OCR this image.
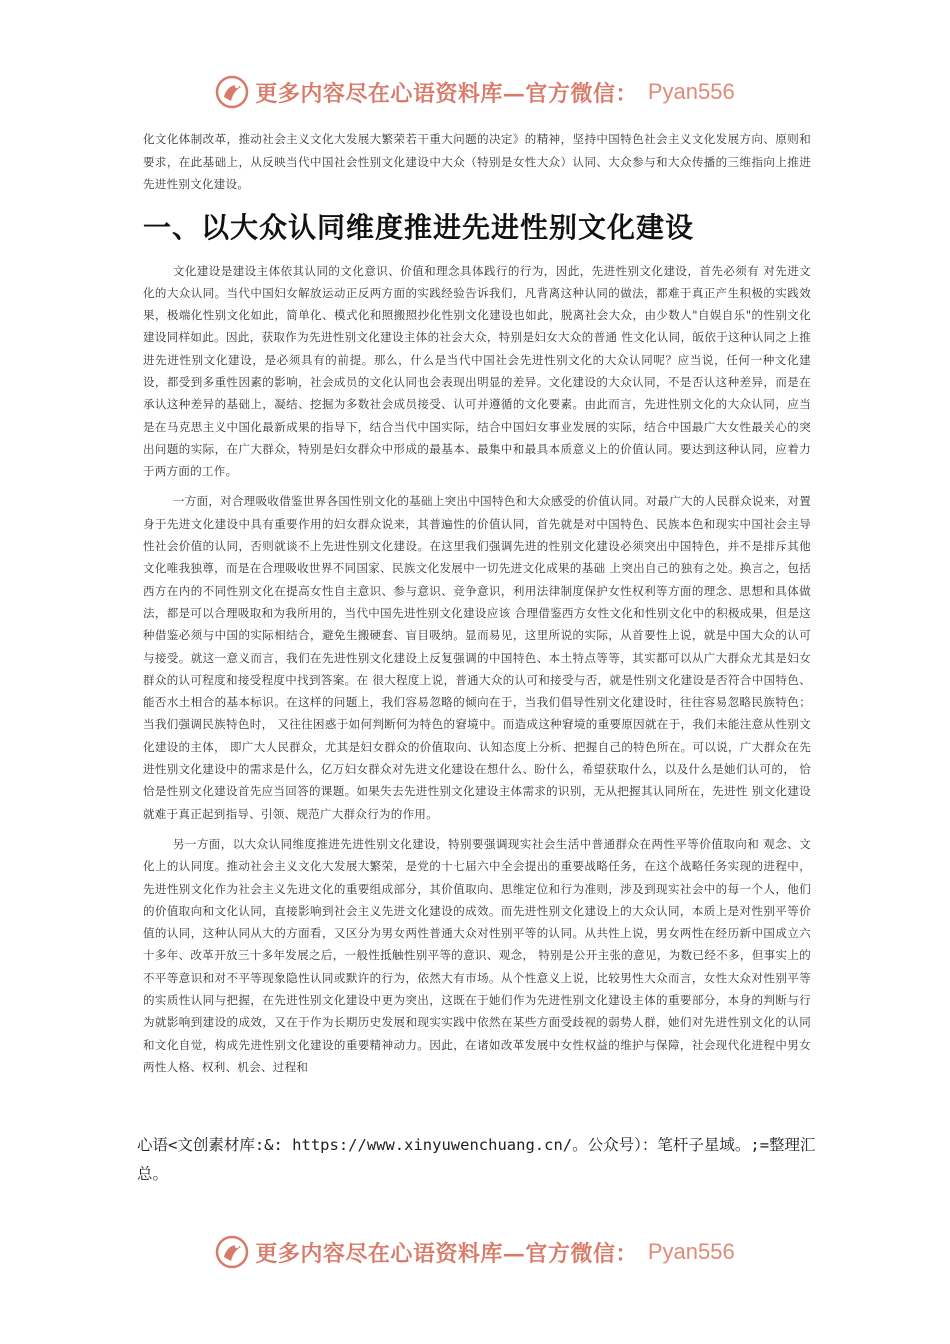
更多内容尽在心语资料库—官方微信： Pyan556

化文化体制改革，推动社会主义文化大发展大繁荣若干重大问题的决定》的精神，坚持中国特色社会主义文化发展方向、原则和要求，在此基础上，从反映当代中国社会性别文化建设中大众（特别是女性大众）认同、大众参与和大众传播的三维指向上推进先进性别文化建设。

一、以大众认同维度推进先进性别文化建设

文化建设是建设主体依其认同的文化意识、价值和理念具体践行的行为，因此，先进性别文化建设，首先必须有 对先进文化的大众认同。当代中国妇女解放运动正反两方面的实践经验告诉我们，凡背离这种认同的做法，都难于真正产生积极的实践效果，极端化性别文化如此，简单化、模式化和照搬照抄化性别文化建设也如此，脱离社会大众，由少数人"自娱自乐"的性别文化建设同样如此。因此，获取作为先进性别文化建设主体的社会大众，特别是妇女大众的普通 性文化认同，皈依于这种认同之上推进先进性别文化建设，是必须具有的前提。那么，什么是当代中国社会先进性别文化的大众认同呢？应当说，任何一种文化建设，都受到多重性因素的影响，社会成员的文化认同也会表现出明显的差异。文化建设的大众认同，不是否认这种差异，而是在承认这种差异的基础上，凝结、挖掘为多数社会成员接受、认可并遵循的文化要素。由此而言，先进性别文化的大众认同，应当是在马克思主义中国化最新成果的指导下，结合当代中国实际，结合中国妇女事业发展的实际，结合中国最广大女性最关心的突出问题的实际，在广大群众，特别是妇女群众中形成的最基本、最集中和最具本质意义上的价值认同。要达到这种认同，应着力于两方面的工作。

一方面，对合理吸收借鉴世界各国性别文化的基础上突出中国特色和大众感受的价值认同。对最广大的人民群众说来，对置身于先进文化建设中具有重要作用的妇女群众说来，其普遍性的价值认同，首先就是对中国特色、民族本色和现实中国社会主导性社会价值的认同，否则就谈不上先进性别文化建设。在这里我们强调先进的性别文化建设必须突出中国特色，并不是排斥其他文化唯我独尊，而是在合理吸收世界不同国家、民族文化发展中一切先进文化成果的基础 上突出自己的独有之处。换言之，包括西方在内的不同性别文化在提高女性自主意识、参与意识、竞争意识，利用法律制度保护女性权利等方面的理念、思想和具体做法，都是可以合理吸取和为我所用的，当代中国先进性别文化建设应该 合理借鉴西方女性文化和性别文化中的积极成果，但是这种借鉴必须与中国的实际相结合，避免生搬硬套、盲目吸纳。显而易见，这里所说的实际，从首要性上说，就是中国大众的认可与接受。就这一意义而言，我们在先进性别文化建设上反复强调的中国特色、本土特点等等，其实都可以从广大群众尤其是妇女群众的认可程度和接受程度中找到答案。在 很大程度上说，普通大众的认可和接受与否，就是性别文化建设是否符合中国特色、能否水土相合的基本标识。在这样的问题上，我们容易忽略的倾向在于，当我们倡导性别文化建设时，往往容易忽略民族特色；当我们强调民族特色时， 又往往困惑于如何判断何为特色的窘境中。而造成这种窘境的重要原因就在于，我们未能注意从性别文化建设的主体， 即广大人民群众，尤其是妇女群众的价值取向、认知态度上分析、把握自己的特色所在。可以说，广大群众在先进性别文化建设中的需求是什么，亿万妇女群众对先进文化建设在想什么、盼什么，希望获取什么，以及什么是她们认可的， 恰恰是性别文化建设首先应当回答的课题。如果失去先进性别文化建设主体需求的识别，无从把握其认同所在，先进性 别文化建设就难于真正起到指导、引领、规范广大群众行为的作用。

另一方面，以大众认同维度推进先进性别文化建设，特别要强调现实社会生活中普通群众在两性平等价值取向和 观念、文化上的认同度。推动社会主义文化大发展大繁荣，是党的十七届六中全会提出的重要战略任务，在这个战略任务实现的进程中，先进性别文化作为社会主义先进文化的重要组成部分，其价值取向、思维定位和行为准则，涉及到现实社会中的每一个人，他们的价值取向和文化认同，直接影响到社会主义先进文化建设的成效。而先进性别文化建设上的大众认同，本质上是对性别平等价值的认同，这种认同从大的方面看，又区分为男女两性普通大众对性别平等的认同。从共性上说，男女两性在经历新中国成立六十多年、改革开放三十多年发展之后，一般性抵触性别平等的意识、观念， 特别是公开主张的意见，为数已经不多，但事实上的不平等意识和对不平等现象隐性认同或默许的行为，依然大有市场。从个性意义上说，比较男性大众而言，女性大众对性别平等的实质性认同与把握，在先进性别文化建设中更为突出，这既在于她们作为先进性别文化建设主体的重要部分，本身的判断与行为就影响到建设的成效，又在于作为长期历史发展和现实实践中依然在某些方面受歧视的弱势人群，她们对先进性别文化的认同和文化自觉，构成先进性别文化建设的重要精神动力。因此，在诸如改革发展中女性权益的维护与保障，社会现代化进程中男女两性人格、权利、机会、过程和

心语<文创素材库:&: https://www.xinyuwenchuang.cn/。公众号）：笔杆子星域。;=整理汇总。
更多内容尽在心语资料库—官方微信： Pyan556
